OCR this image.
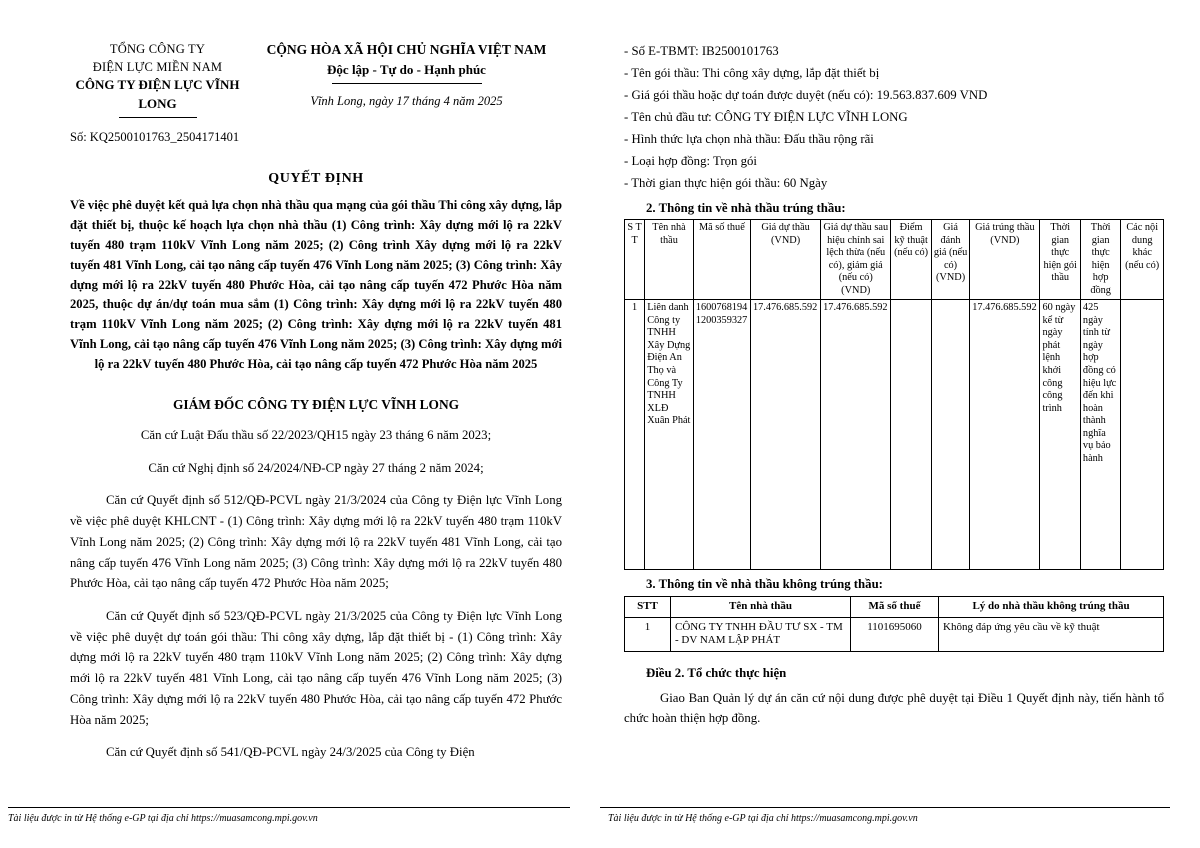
TỔNG CÔNG TY
ĐIỆN LỰC MIỀN NAM
CÔNG TY ĐIỆN LỰC VĨNH LONG
CỘNG HÒA XÃ HỘI CHỦ NGHĨA VIỆT NAM
Độc lập - Tự do - Hạnh phúc
Vĩnh Long, ngày 17 tháng 4 năm 2025
Số: KQ2500101763_2504171401
QUYẾT ĐỊNH
Về việc phê duyệt kết quả lựa chọn nhà thầu qua mạng của gói thầu Thi công xây dựng, lắp đặt thiết bị, thuộc kế hoạch lựa chọn nhà thầu (1) Công trình: Xây dựng mới lộ ra 22kV tuyến 480 trạm 110kV Vĩnh Long năm 2025; (2) Công trình Xây dựng mới lộ ra 22kV tuyến 481 Vĩnh Long, cải tạo nâng cấp tuyến 476 Vĩnh Long năm 2025; (3) Công trình: Xây dựng mới lộ ra 22kV tuyến 480 Phước Hòa, cải tạo nâng cấp tuyến 472 Phước Hòa năm 2025, thuộc dự án/dự toán mua sắm (1) Công trình: Xây dựng mới lộ ra 22kV tuyến 480 trạm 110kV Vĩnh Long năm 2025; (2) Công trình: Xây dựng mới lộ ra 22kV tuyến 481 Vĩnh Long, cải tạo nâng cấp tuyến 476 Vĩnh Long năm 2025; (3) Công trình: Xây dựng mới lộ ra 22kV tuyến 480 Phước Hòa, cải tạo nâng cấp tuyến 472 Phước Hòa năm 2025
GIÁM ĐỐC CÔNG TY ĐIỆN LỰC VĨNH LONG
Căn cứ Luật Đấu thầu số 22/2023/QH15 ngày 23 tháng 6 năm 2023;
Căn cứ Nghị định số 24/2024/NĐ-CP ngày 27 tháng 2 năm 2024;
Căn cứ Quyết định số 512/QĐ-PCVL ngày 21/3/2024 của Công ty Điện lực Vĩnh Long về việc phê duyệt KHLCNT - (1) Công trình: Xây dựng mới lộ ra 22kV tuyến 480 trạm 110kV Vĩnh Long năm 2025; (2) Công trình: Xây dựng mới lộ ra 22kV tuyến 481 Vĩnh Long, cải tạo nâng cấp tuyến 476 Vĩnh Long năm 2025; (3) Công trình: Xây dựng mới lộ ra 22kV tuyến 480 Phước Hòa, cải tạo nâng cấp tuyến 472 Phước Hòa năm 2025;
Căn cứ Quyết định số 523/QĐ-PCVL ngày 21/3/2025 của Công ty Điện lực Vĩnh Long về việc phê duyệt dự toán gói thầu: Thi công xây dựng, lắp đặt thiết bị - (1) Công trình: Xây dựng mới lộ ra 22kV tuyến 480 trạm 110kV Vĩnh Long năm 2025; (2) Công trình: Xây dựng mới lộ ra 22kV tuyến 481 Vĩnh Long, cải tạo nâng cấp tuyến 476 Vĩnh Long năm 2025; (3) Công trình: Xây dựng mới lộ ra 22kV tuyến 480 Phước Hòa, cải tạo nâng cấp tuyến 472 Phước Hòa năm 2025;
Căn cứ Quyết định số 541/QĐ-PCVL ngày 24/3/2025 của Công ty Điện
- Số E-TBMT: IB2500101763
- Tên gói thầu: Thi công xây dựng, lắp đặt thiết bị
- Giá gói thầu hoặc dự toán được duyệt (nếu có): 19.563.837.609 VND
- Tên chủ đầu tư: CÔNG TY ĐIỆN LỰC VĨNH LONG
- Hình thức lựa chọn nhà thầu: Đấu thầu rộng rãi
- Loại hợp đồng: Trọn gói
- Thời gian thực hiện gói thầu: 60 Ngày
2. Thông tin về nhà thầu trúng thầu:
S T T	Tên nhà thầu	Mã số thuế	Giá dự thầu (VND)	Giá dự thầu sau hiệu chỉnh sai lệch thừa (nếu có), giảm giá (nếu có) (VND)	Điểm kỹ thuật (nếu có)	Giá đánh giá (nếu có) (VND)	Giá trúng thầu (VND)	Thời gian thực hiện gói thầu	Thời gian thực hiện hợp đồng	Các nội dung khác (nếu có)
1	Liên danh Công ty TNHH Xây Dựng Điện An Thọ và Công Ty TNHH XLĐ Xuân Phát	1600768194 1200359327	17.476.685.592	17.476.685.592			17.476.685.592	60 ngày kể từ ngày phát lệnh khởi công công trình	425 ngày tính từ ngày hợp đồng có hiệu lực đến khi hoàn thành nghĩa vụ bảo hành	
3. Thông tin về nhà thầu không trúng thầu:
STT	Tên nhà thầu	Mã số thuế	Lý do nhà thầu không trúng thầu
1	CÔNG TY TNHH ĐẦU TƯ SX - TM - DV NAM LẬP PHÁT	1101695060	Không đáp ứng yêu cầu về kỹ thuật
Điều 2. Tổ chức thực hiện
Giao Ban Quản lý dự án căn cứ nội dung được phê duyệt tại Điều 1 Quyết định này, tiến hành tổ chức hoàn thiện hợp đồng.
Tài liệu được in từ Hệ thống e-GP tại địa chỉ https://muasamcong.mpi.gov.vn	Tài liệu được in từ Hệ thống e-GP tại địa chỉ https://muasamcong.mpi.gov.vn
